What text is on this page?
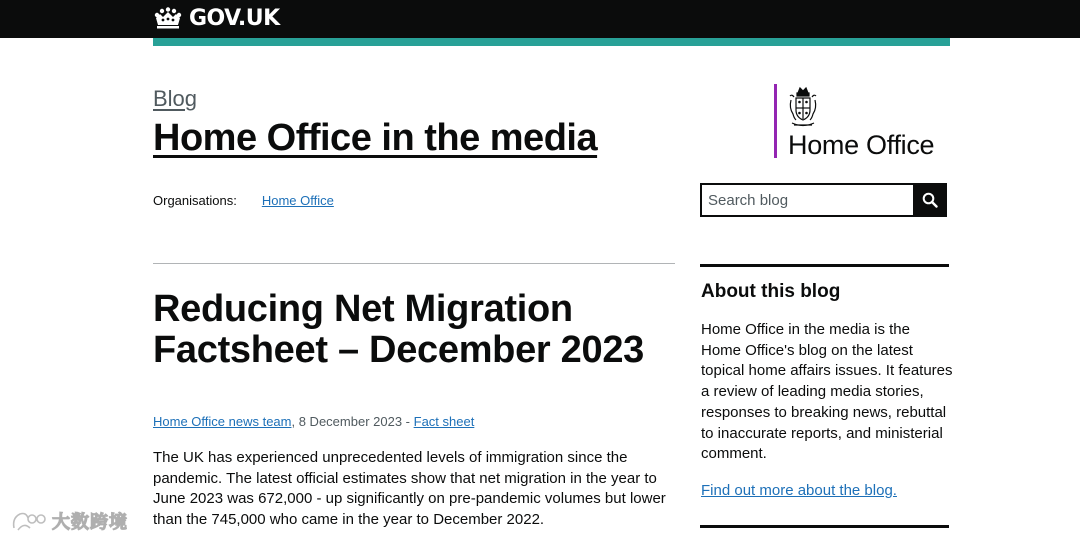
GOV.UK
Blog
Home Office in the media
Organisations: Home Office
Home Office
Search blog
Reducing Net Migration Factsheet – December 2023
Home Office news team, 8 December 2023 - Fact sheet

The UK has experienced unprecedented levels of immigration since the pandemic. The latest official estimates show that net migration in the year to June 2023 was 672,000 - up significantly on pre-pandemic volumes but lower than the 745,000 who came in the year to December 2022.

About this blog

Home Office in the media is the Home Office's blog on the latest topical home affairs issues. It features a review of leading media stories, responses to breaking news, rebuttal to inaccurate reports, and ministerial comment.

Find out more about the blog.
大数跨境
